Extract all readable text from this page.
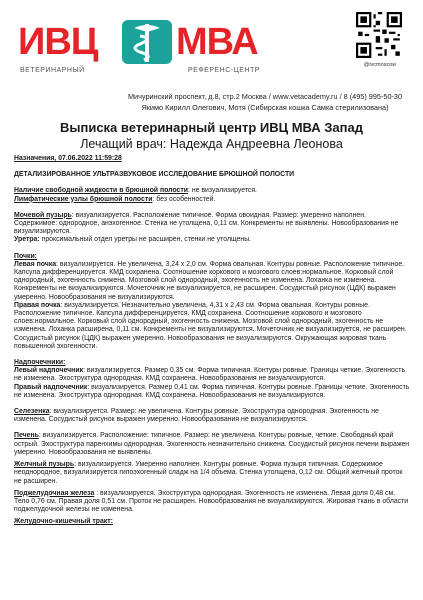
ИВЦ МВА
ВЕТЕРИНАРНЫЙ	РЕФЕРЕНС-ЦЕНТР
@ivcmoscow
Мичуринский проспект, д.8, стр.2 Москва / www.vetacademy.ru / 8 (495) 995-50-30
Якимо Кирилл Олегович, Мотя (Сибирская кошка Самка стерилизована)
Выписка ветеринарный центр ИВЦ МВА Запад
Лечащий врач: Надежда Андреевна Леонова

Назначения, 07.06.2022 11:59:28

ДЕТАЛИЗИРОВАННОЕ УЛЬТРАЗВУКОВОЕ ИССЛЕДОВАНИЕ БРЮШНОЙ ПОЛОСТИ

Наличие свободной жидкости в брюшной полости: не визуализируется.

Лимфатические узлы брюшной полости: без особенностей.

Мочевой пузырь: визуализируется. Расположение типичное. Форма овоидная. Размер: умеренно наполнен. Содержимое: однородное, анэхогенное. Стенка не утолщена, 0,11 см. Конкременты не выявлены. Новообразования не визуализируются.

Уретра: проксимальный отдел уретры не расширен, стенки не утолщены.

Почки:

Левая почка: визуализируется. Не увеличена, 3,24 х 2,0 см. Форма овальная. Контуры ровные. Расположение типичное. Капсула дифференцируется. КМД сохранена. Соотношение коркового и мозгового слоев:нормальное. Корковый слой однородный, эхогенность снижена. Мозговой слой однородный, эхогенность не изменена. Лоханка не изменена. Конкременты не визуализируются. Мочеточник не визуализируется, не расширен. Сосудистый рисунок (ЦДК) выражен умеренно. Новообразования не визуализируются.

Правая почка: визуализируется. Незначительно увеличена, 4,31 х 2,43 см. Форма овальная. Контуры ровные. Расположение типичное. Капсула дифференцируется. КМД сохранена. Соотношение коркового и мозгового слоев:нормальное. Корковый слой однородный, эхогенность снижена. Мозговой слой однородный, эхогенность не изменена. Лоханка расширена, 0,11 см. Конкременты не визуализируются. Мочеточник не визуализируется, не расширен. Сосудистый рисунок (ЦДК) выражен умеренно. Новообразования не визуализируются. Окружающая жировая ткань повышенной эхогенности.

Надпочечники:

Левый надпочечник: визуализируется. Размер 0,35 см. Форма типичная. Контуры ровные. Границы четкие. Эхогенность не изменена. Эхоструктура однородная. КМД сохранена. Новообразования не визуализируются.

Правый надпочечник: визуализируется. Размер 0,41 см. Форма типичная. Контуры ровные. Границы четкие. Эхогенность не изменена. Эхоструктура однородная. КМД сохранена. Новообразования не визуализируются.

Селезенка: визуализируется. Размер: не увеличена. Контуры ровные. Эхоструктура однородная. Эхогенность не изменена. Сосудистый рисунок выражен умеренно. Новообразования не визуализируются.

Печень: визуализируется. Расположение: типичное. Размер: не увеличена. Контуры ровные, четкие. Свободный край острый. Эхоструктура паренхимы однородная. Эхогенность незначительно снижена. Сосудистый рисунок печени выражен умеренно. Новообразования не выявлены.

Желчный пузырь: визуализируется. Умеренно наполнен. Контуры ровные. Форма пузыря типичная. Содержимое неоднородное, визуализируется гипоэхогенный сладж на 1/4 объема. Стенка утолщена, 0,12 см. Общий желчный проток не расширен.

Поджелудочная железа : визуализируется. Эхоструктура однородная. Эхогенность не изменена. Левая доля 0,48 см. Тело 0,76 см. Правая доля 0,51 см. Проток не расширен. Новообразования не визуализируются. Жировая ткань в области поджелудочной железы не изменена.

Желудочно-кишечный тракт:
